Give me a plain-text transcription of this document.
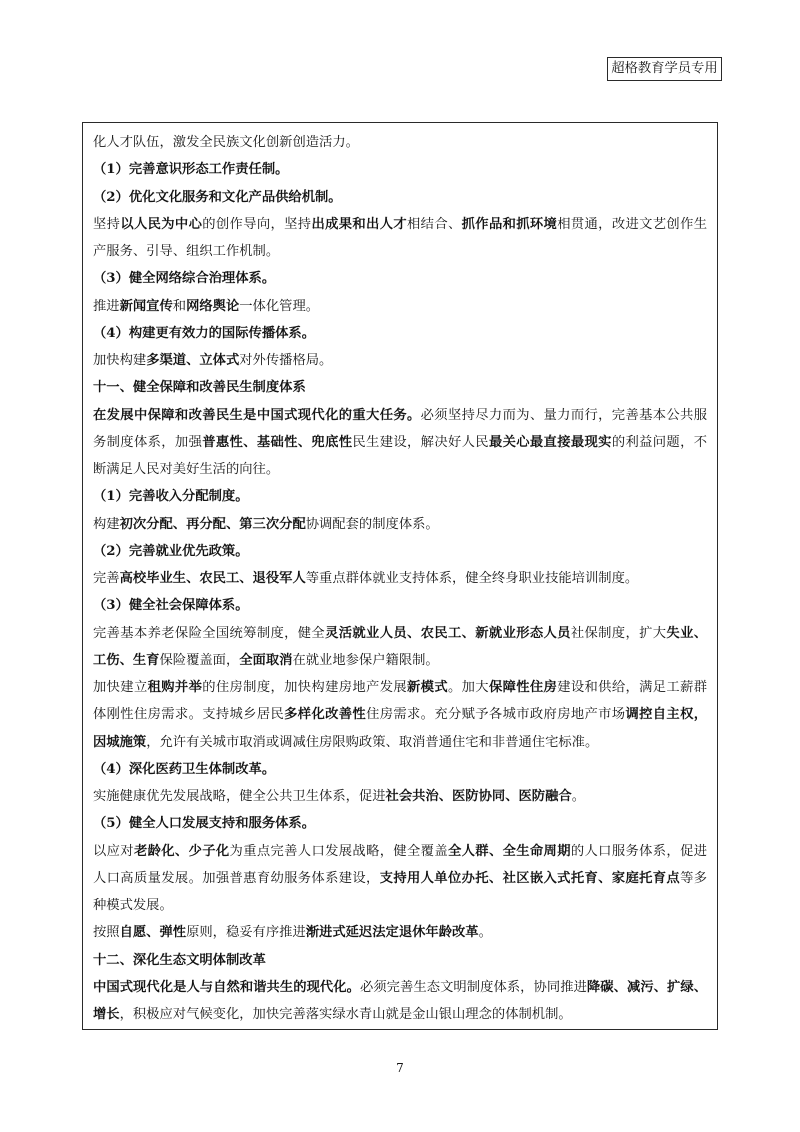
超格教育学员专用
化人才队伍，激发全民族文化创新创造活力。
（1）完善意识形态工作责任制。
（2）优化文化服务和文化产品供给机制。
坚持以人民为中心的创作导向，坚持出成果和出人才相结合、抓作品和抓环境相贯通，改进文艺创作生
产服务、引导、组织工作机制。
（3）健全网络综合治理体系。
推进新闻宣传和网络舆论一体化管理。
（4）构建更有效力的国际传播体系。
加快构建多渠道、立体式对外传播格局。
十一、健全保障和改善民生制度体系
在发展中保障和改善民生是中国式现代化的重大任务。必须坚持尽力而为、量力而行，完善基本公共服
务制度体系，加强普惠性、基础性、兜底性民生建设，解决好人民最关心最直接最现实的利益问题，不
断满足人民对美好生活的向往。
（1）完善收入分配制度。
构建初次分配、再分配、第三次分配协调配套的制度体系。
（2）完善就业优先政策。
完善高校毕业生、农民工、退役军人等重点群体就业支持体系，健全终身职业技能培训制度。
（3）健全社会保障体系。
完善基本养老保险全国统筹制度，健全灵活就业人员、农民工、新就业形态人员社保制度，扩大失业、
工伤、生育保险覆盖面，全面取消在就业地参保户籍限制。
加快建立租购并举的住房制度，加快构建房地产发展新模式。加大保障性住房建设和供给，满足工薪群
体刚性住房需求。支持城乡居民多样化改善性住房需求。充分赋予各城市政府房地产市场调控自主权，
因城施策，允许有关城市取消或调减住房限购政策、取消普通住宅和非普通住宅标准。
（4）深化医药卫生体制改革。
实施健康优先发展战略，健全公共卫生体系，促进社会共治、医防协同、医防融合。
（5）健全人口发展支持和服务体系。
以应对老龄化、少子化为重点完善人口发展战略，健全覆盖全人群、全生命周期的人口服务体系，促进
人口高质量发展。加强普惠育幼服务体系建设，支持用人单位办托、社区嵌入式托育、家庭托育点等多
种模式发展。
按照自愿、弹性原则，稳妥有序推进渐进式延迟法定退休年龄改革。
十二、深化生态文明体制改革
中国式现代化是人与自然和谐共生的现代化。必须完善生态文明制度体系，协同推进降碳、减污、扩绿、
增长，积极应对气候变化，加快完善落实绿水青山就是金山银山理念的体制机制。
7
